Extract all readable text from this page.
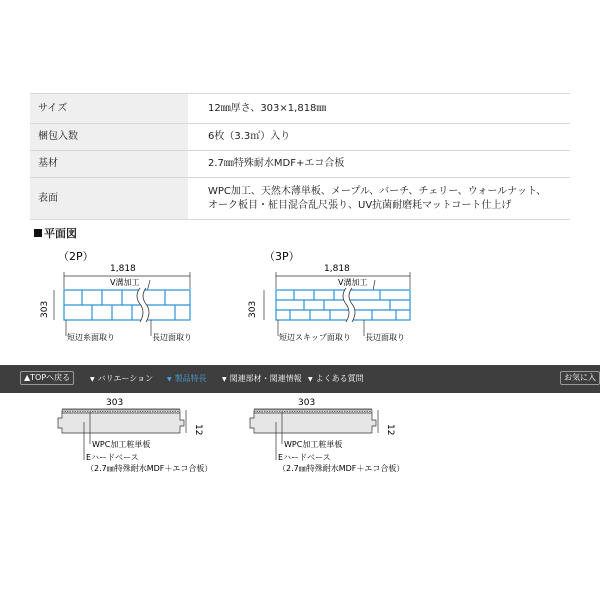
サイズ	12㎜厚さ、303×1,818㎜
梱包入数	6枚（3.3㎡）入り
基材	2.7㎜特殊耐水MDF+エコ合板
表面	WPC加工、天然木薄単板、メープル、バーチ、チェリー、ウォールナット、
オーク板目・柾目混合乱尺張り、UV抗菌耐磨耗マットコート仕上げ
平面図
（2P）
1,818
V溝加工
303
短辺糸面取り	長辺面取り
（3P）
1,818
V溝加工
303
短辺スキップ面取り 長辺面取り
▲TOPへ戻る	▼ バリエーション ▼ 製品特長	▼ 関連部材・関連情報 ▼ よくある質問	お気に入
303
12
WPC加工粧単板
Eハードベース
（2.7㎜特殊耐水MDF＋エコ合板）
303
12
WPC加工粧単板
Eハードベース
（2.7㎜特殊耐水MDF＋エコ合板）
